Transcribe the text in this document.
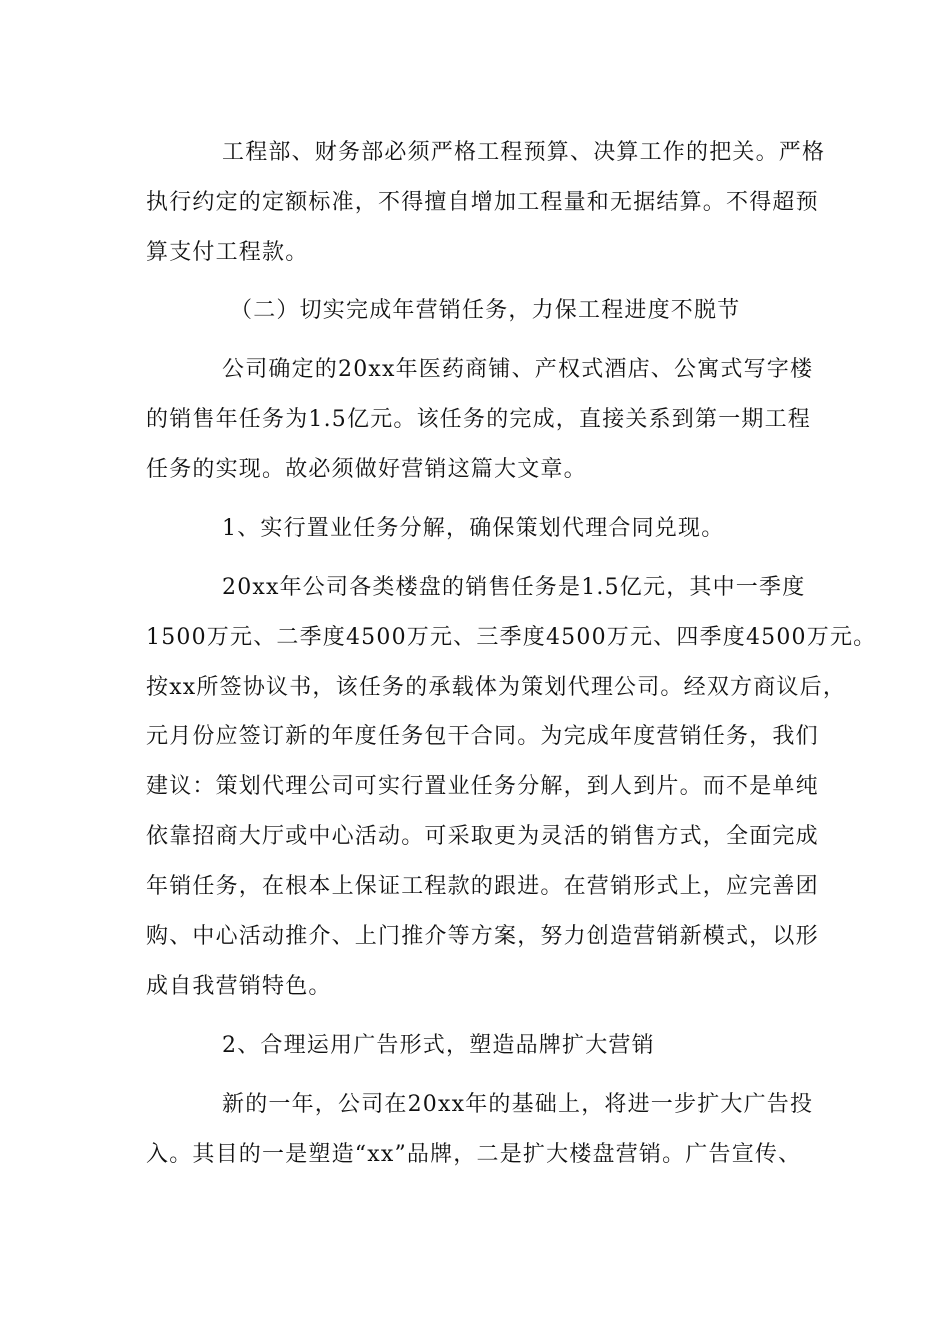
工程部、财务部必须严格工程预算、决算工作的把关。严格
执行约定的定额标准，不得擅自增加工程量和无据结算。不得超预
算支付工程款。
（二）切实完成年营销任务，力保工程进度不脱节
公司确定的20xx年医药商铺、产权式酒店、公寓式写字楼
的销售年任务为1.5亿元。该任务的完成，直接关系到第一期工程
任务的实现。故必须做好营销这篇大文章。
1、实行置业任务分解，确保策划代理合同兑现。
20xx年公司各类楼盘的销售任务是1.5亿元，其中一季度
1500万元、二季度4500万元、三季度4500万元、四季度4500万元。
按xx所签协议书，该任务的承载体为策划代理公司。经双方商议后，
元月份应签订新的年度任务包干合同。为完成年度营销任务，我们
建议：策划代理公司可实行置业任务分解，到人到片。而不是单纯
依靠招商大厅或中心活动。可采取更为灵活的销售方式，全面完成
年销任务，在根本上保证工程款的跟进。在营销形式上，应完善团
购、中心活动推介、上门推介等方案，努力创造营销新模式，以形
成自我营销特色。
2、合理运用广告形式，塑造品牌扩大营销
新的一年，公司在20xx年的基础上，将进一步扩大广告投
入。其目的一是塑造“xx”品牌，二是扩大楼盘营销。广告宣传、
